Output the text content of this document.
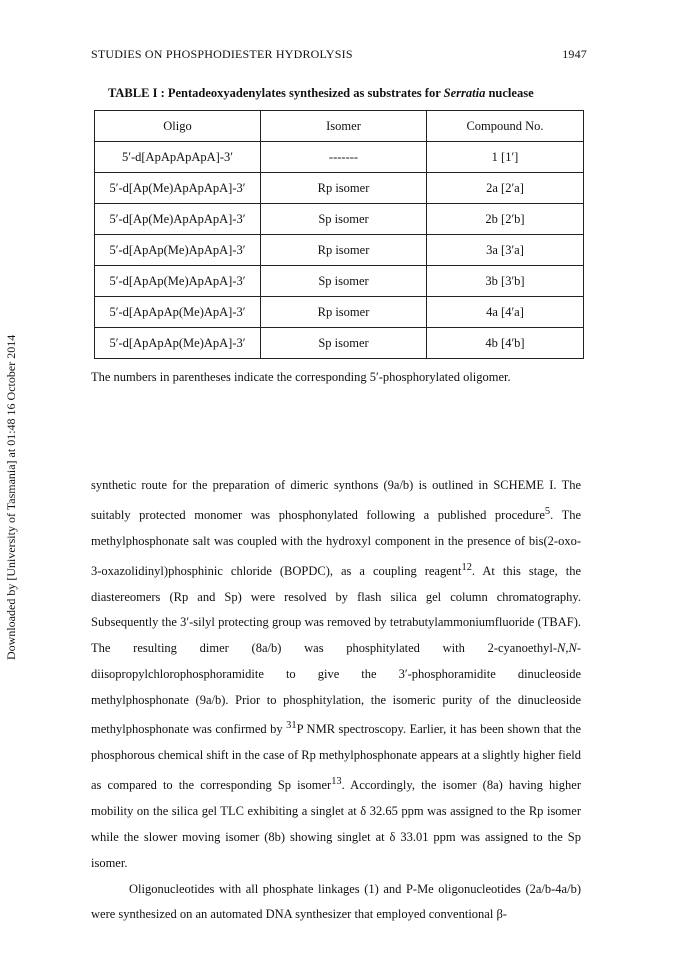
STUDIES ON PHOSPHODIESTER HYDROLYSIS	1947
Downloaded by [University of Tasmania] at 01:48 16 October 2014
TABLE I : Pentadeoxyadenylates synthesized as substrates for Serratia nuclease
Oligo	Isomer	Compound No.
5′-d[ApApApApA]-3′	-------	1 [1′]
5′-d[Ap(Me)ApApApA]-3′	Rp isomer	2a [2′a]
5′-d[Ap(Me)ApApApA]-3′	Sp isomer	2b [2′b]
5′-d[ApAp(Me)ApApA]-3′	Rp isomer	3a [3′a]
5′-d[ApAp(Me)ApApA]-3′	Sp isomer	3b [3′b]
5′-d[ApApAp(Me)ApA]-3′	Rp isomer	4a [4′a]
5′-d[ApApAp(Me)ApA]-3′	Sp isomer	4b [4′b]
The numbers in parentheses indicate the corresponding 5′-phosphorylated oligomer.

synthetic route for the preparation of dimeric synthons (9a/b) is outlined in SCHEME I. The suitably protected monomer was phosphonylated following a published procedure$^5$. The methylphosphonate salt was coupled with the hydroxyl component in the presence of bis(2-oxo-3-oxazolidinyl)phosphinic chloride (BOPDC), as a coupling reagent$^{12}$. At this stage, the diastereomers (Rp and Sp) were resolved by flash silica gel column chromatography. Subsequently the 3′-silyl protecting group was removed by tetrabutylammoniumfluoride (TBAF). The resulting dimer (8a/b) was phosphitylated with 2-cyanoethyl-N,N-diisopropylchlorophosphoramidite to give the 3′-phosphoramidite dinucleoside methylphosphonate (9a/b). Prior to phosphitylation, the isomeric purity of the dinucleoside methylphosphonate was confirmed by $^{31}$P NMR spectroscopy. Earlier, it has been shown that the phosphorous chemical shift in the case of Rp methylphosphonate appears at a slightly higher field as compared to the corresponding Sp isomer$^{13}$. Accordingly, the isomer (8a) having higher mobility on the silica gel TLC exhibiting a singlet at δ 32.65 ppm was assigned to the Rp isomer while the slower moving isomer (8b) showing singlet at δ 33.01 ppm was assigned to the Sp isomer.

Oligonucleotides with all phosphate linkages (1) and P-Me oligonucleotides (2a/b-4a/b) were synthesized on an automated DNA synthesizer that employed conventional β-
